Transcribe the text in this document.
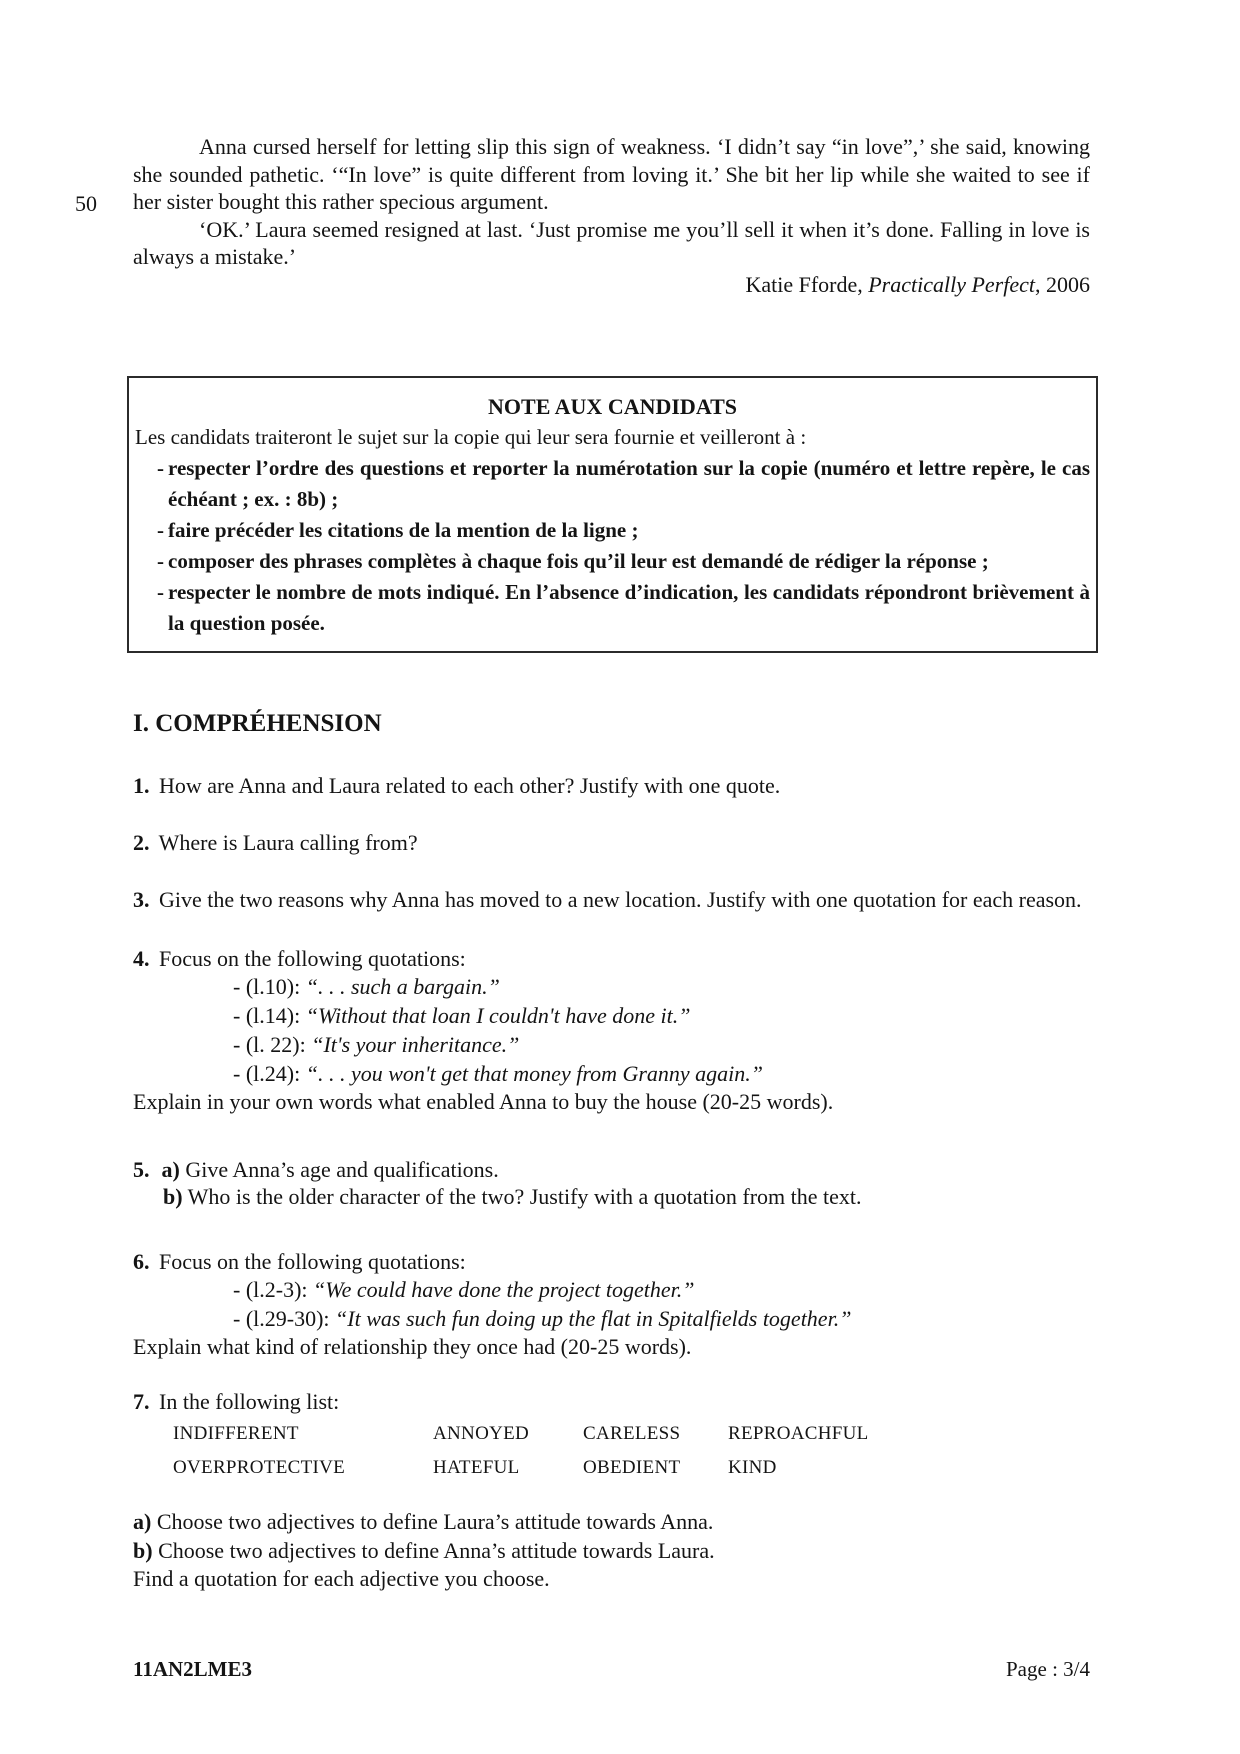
50

Anna cursed herself for letting slip this sign of weakness. ‘I didn’t say “in love”,’ she said, knowing she sounded pathetic. ‘“In love” is quite different from loving it.’ She bit her lip while she waited to see if her sister bought this rather specious argument.

‘OK.’ Laura seemed resigned at last. ‘Just promise me you’ll sell it when it’s done. Falling in love is always a mistake.’

Katie Fforde, Practically Perfect, 2006

NOTE AUX CANDIDATS

Les candidats traiteront le sujet sur la copie qui leur sera fournie et veilleront à :

- respecter l’ordre des questions et reporter la numérotation sur la copie (numéro et lettre repère, le cas échéant ; ex. : 8b) ;
- faire précéder les citations de la mention de la ligne ;
- composer des phrases complètes à chaque fois qu’il leur est demandé de rédiger la réponse ;
- respecter le nombre de mots indiqué. En l’absence d’indication, les candidats répondront brièvement à la question posée.
I. COMPRÉHENSION

1. How are Anna and Laura related to each other? Justify with one quote.

2. Where is Laura calling from?

3. Give the two reasons why Anna has moved to a new location. Justify with one quotation for each reason.

4. Focus on the following quotations:

- (l.10): “. . . such a bargain.”

- (l.14): “Without that loan I couldn't have done it.”

- (l. 22): “It's your inheritance.”

- (l.24): “. . . you won't get that money from Granny again.”

Explain in your own words what enabled Anna to buy the house (20-25 words).

5. a) Give Anna’s age and qualifications.

b) Who is the older character of the two? Justify with a quotation from the text.

6. Focus on the following quotations:

- (l.2-3): “We could have done the project together.”

- (l.29-30): “It was such fun doing up the flat in Spitalfields together.”

Explain what kind of relationship they once had (20-25 words).

7. In the following list:

INDIFFERENT	ANNOYED	CARELESS	REPROACHFUL
OVERPROTECTIVE	HATEFUL	OBEDIENT	KIND

a) Choose two adjectives to define Laura’s attitude towards Anna.

b) Choose two adjectives to define Anna’s attitude towards Laura.

Find a quotation for each adjective you choose.

11AN2LME3	Page : 3/4
